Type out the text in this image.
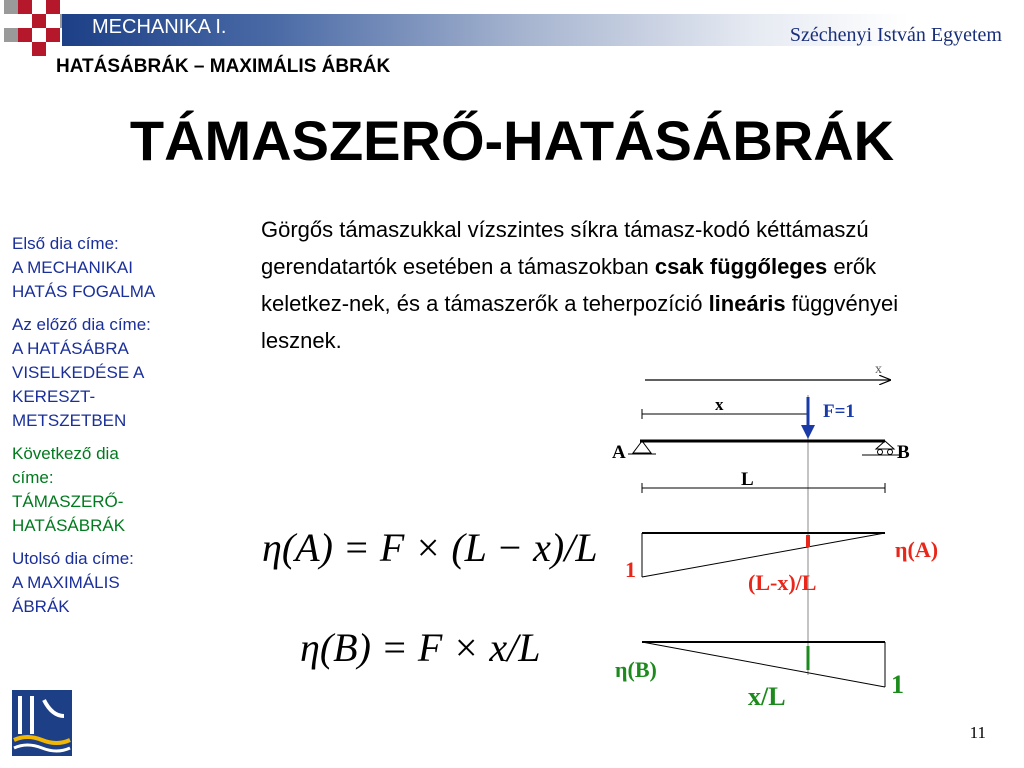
MECHANIKA I.	Széchenyi István Egyetem
HATÁSÁBRÁK – MAXIMÁLIS ÁBRÁK
TÁMASZERŐ-HATÁSÁBRÁK
Első dia címe:
A MECHANIKAI
HATÁS FOGALMA
Az előző dia címe:
A HATÁSÁBRA
VISELKEDÉSE A
KERESZT-
METSZETBEN
Következő dia
címe:
TÁMASZERŐ-
HATÁSÁBRÁK
Utolsó dia címe:
A MAXIMÁLIS
ÁBRÁK
Görgős támaszukkal vízszintes síkra támasz-kodó kéttámaszú gerendatartók esetében a támaszokban csak függőleges erők keletkez-nek, és a támaszerők a teherpozíció lineáris függvényei lesznek.
η(A) = F × (L − x)/L
η(B) = F × x/L
x
x	F=1
A	B
L
1
(L-x)/L
η(A)
η(B)
x/L	1
11
